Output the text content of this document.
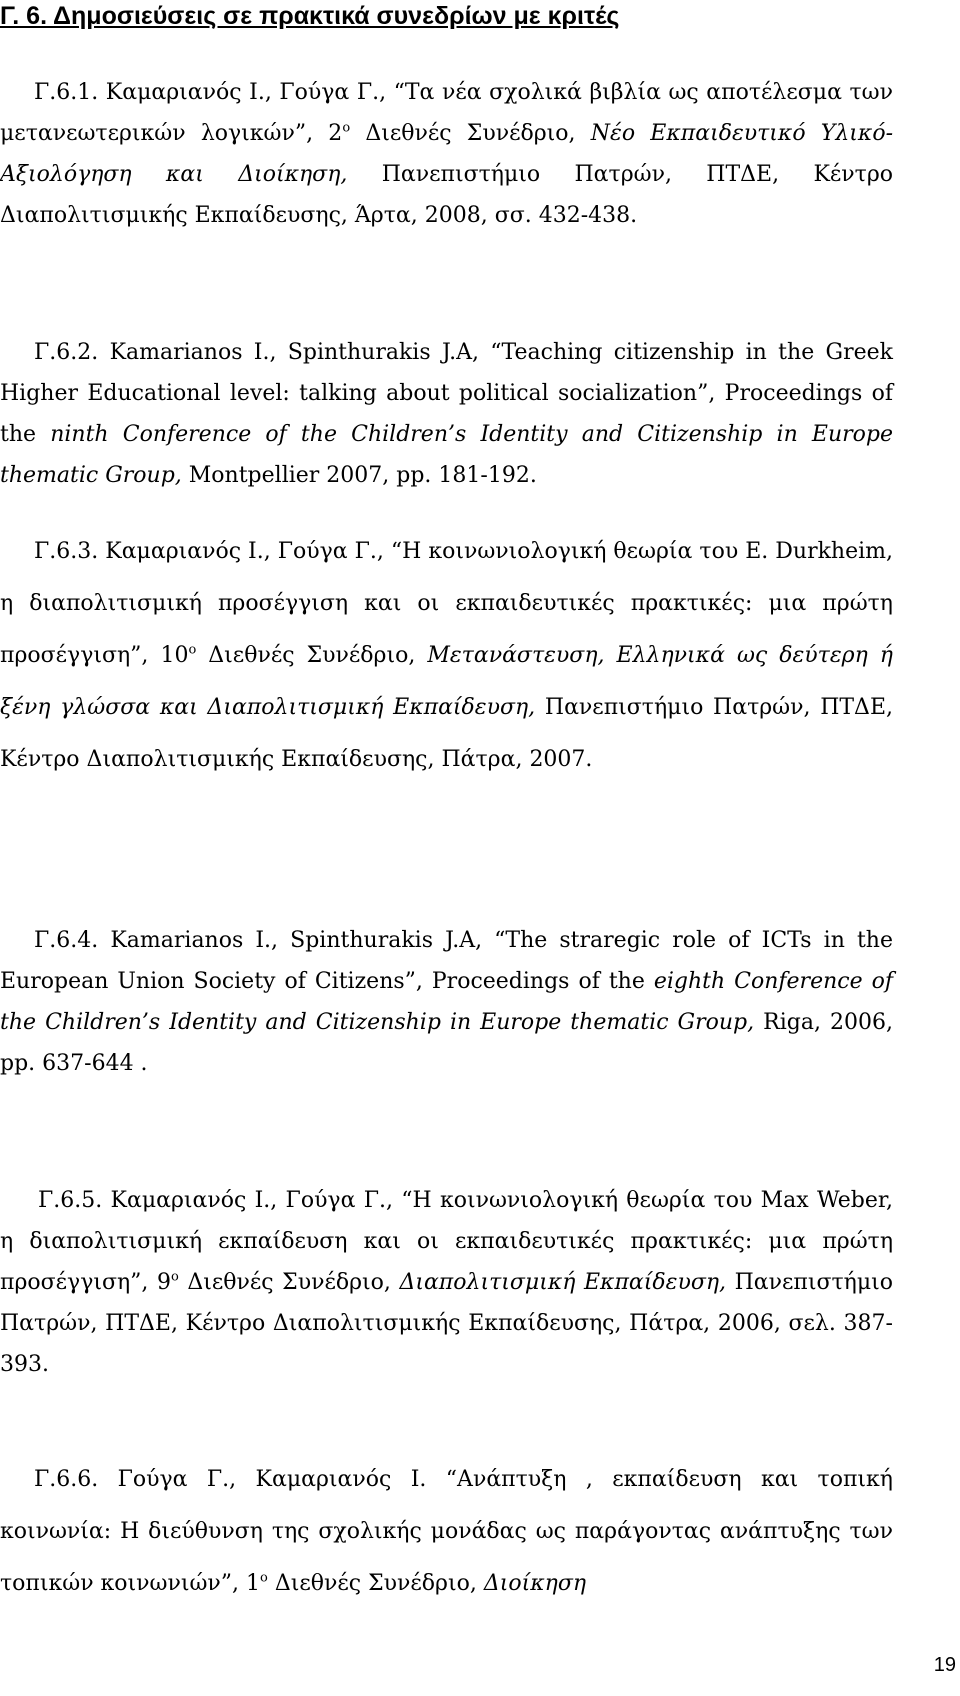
Γ. 6. Δημοσιεύσεις σε πρακτικά συνεδρίων με κριτές

Γ.6.1. Καμαριανός Ι., Γούγα Γ., “Τα νέα σχολικά βιβλία ως αποτέλεσμα των μετανεωτερικών λογικών”, $2^o$ Διεθνές Συνέδριο, Νέο Εκπαιδευτικό Υλικό-Αξιολόγηση και Διοίκηση, Πανεπιστήμιο Πατρών, ΠΤΔΕ, Κέντρο Διαπολιτισμικής Εκπαίδευσης, Άρτα, 2008, σσ. 432-438.

Γ.6.2. Kamarianos I., Spinthurakis J.A, “Teaching citizenship in the Greek Higher Educational level: talking about political socialization”, Proceedings of the ninth Conference of the Children’s Identity and Citizenship in Europe thematic Group, Montpellier 2007, pp. 181-192.

Γ.6.3. Καμαριανός Ι., Γούγα Γ., “Η κοινωνιολογική θεωρία του Ε. Durkheim, η διαπολιτισμική προσέγγιση και οι εκπαιδευτικές πρακτικές: μια πρώτη προσέγγιση”, $10^o$ Διεθνές Συνέδριο, Μετανάστευση, Ελληνικά ως δεύτερη ή ξένη γλώσσα και Διαπολιτισμική Εκπαίδευση, Πανεπιστήμιο Πατρών, ΠΤΔΕ, Κέντρο Διαπολιτισμικής Εκπαίδευσης, Πάτρα, 2007.

Γ.6.4. Kamarianos I., Spinthurakis J.A, “The straregic role of ICTs in the European Union Society of Citizens”, Proceedings of the eighth Conference of the Children’s Identity and Citizenship in Europe thematic Group, Riga, 2006, pp. 637-644 .

Γ.6.5. Καμαριανός Ι., Γούγα Γ., “Η κοινωνιολογική θεωρία του Max Weber, η διαπολιτισμική εκπαίδευση και οι εκπαιδευτικές πρακτικές: μια πρώτη προσέγγιση”, $9^o$ Διεθνές Συνέδριο, Διαπολιτισμική Εκπαίδευση, Πανεπιστήμιο Πατρών, ΠΤΔΕ, Κέντρο Διαπολιτισμικής Εκπαίδευσης, Πάτρα, 2006, σελ. 387-393.

Γ.6.6. Γούγα Γ., Καμαριανός Ι. “Ανάπτυξη , εκπαίδευση και τοπική κοινωνία: Η διεύθυνση της σχολικής μονάδας ως παράγοντας ανάπτυξης των τοπικών κοινωνιών”, $1^o$ Διεθνές Συνέδριο, Διοίκηση

19
